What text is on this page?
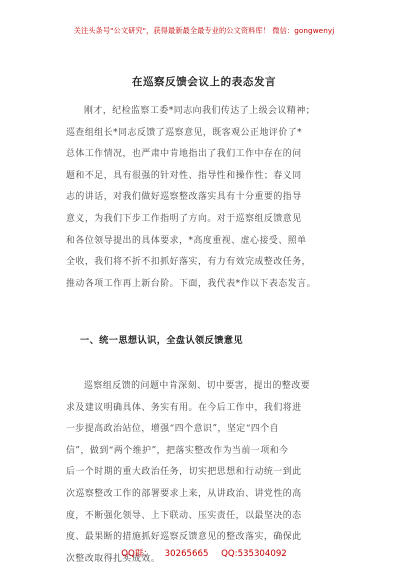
关注头条号"公文研究"，获得最新最全最专业的公文资料库！ 微信：gongwenyj
在巡察反馈会议上的表态发言
刚才，纪检监察工委*同志向我们传达了上级会议精神；
巡查组组长*同志反馈了巡察意见，既客观公正地评价了*
总体工作情况，也严肃中肯地指出了我们工作中存在的问
题和不足，具有很强的针对性、指导性和操作性；春义同
志的讲话，对我们做好巡察整改落实具有十分重要的指导
意义，为我们下步工作指明了方向。对于巡察组反馈意见
和各位领导提出的具体要求，*高度重视、虚心接受、照单
全收，我们将不折不扣抓好落实，有力有效完成整改任务，
推动各项工作再上新台阶。下面，我代表*作以下表态发言。
一、统一思想认识，全盘认领反馈意见
巡察组反馈的问题中肯深刻、切中要害，提出的整改要
求及建议明确具体、务实有用。在今后工作中，我们将进
一步提高政治站位，增强“四个意识”，坚定“四个自
信”，做到“两个维护”，把落实整改作为当前一项和今
后一个时期的重大政治任务，切实把思想和行动统一到此
次巡察整改工作的部署要求上来，从讲政治、讲党性的高
度，不断强化领导、上下联动、压实责任，以最坚决的态
度、最果断的措施抓好巡察反馈意见的整改落实，确保此
次整改取得扎实成效。
QQ群： 30265665 QQ:535304092
